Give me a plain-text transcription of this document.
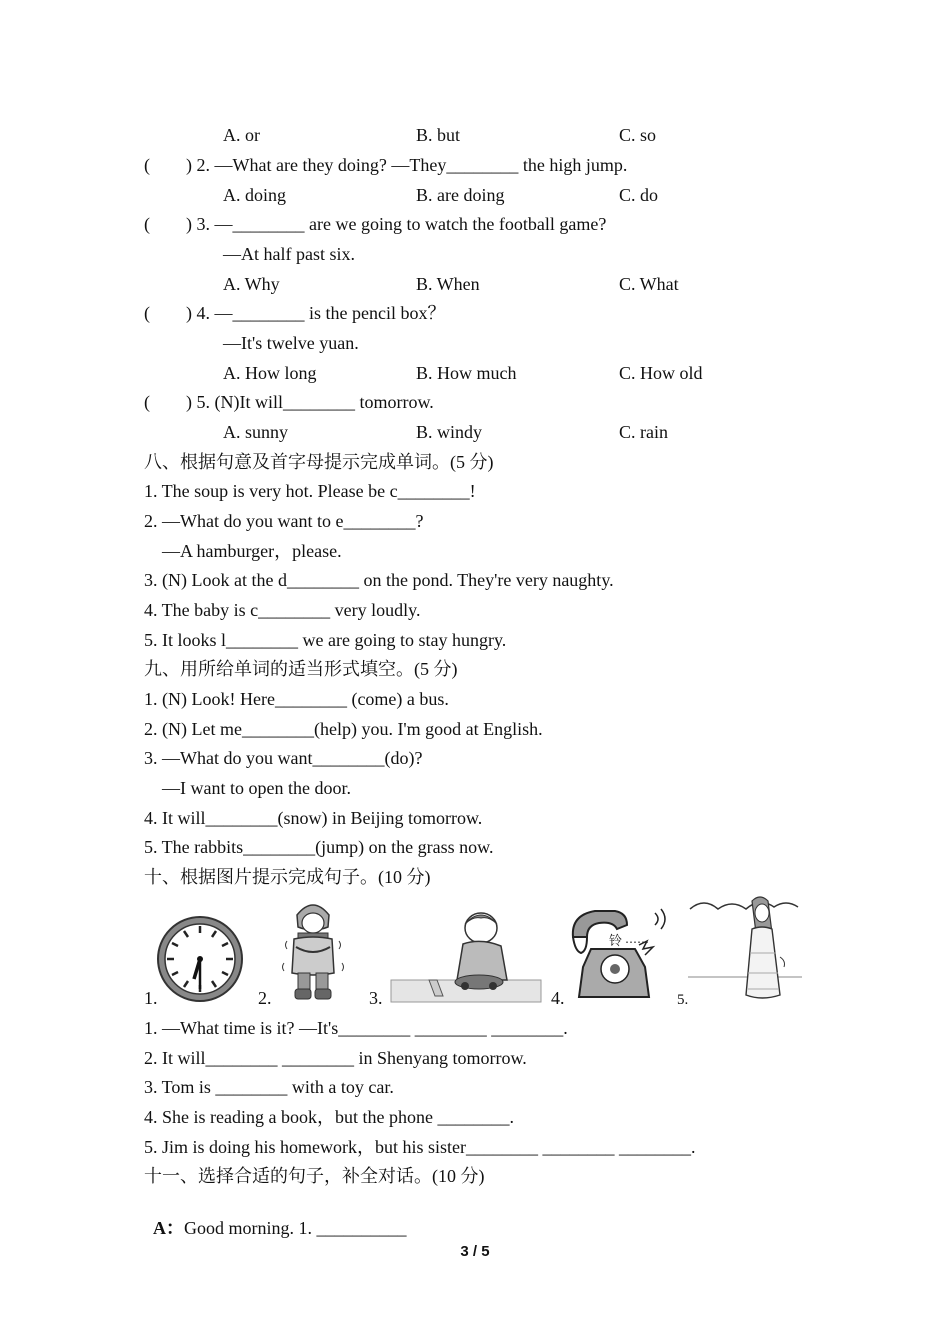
A. or	B. but	C. so
(　　) 2. —What are they doing? —They________ the high jump.
A. doing	B. are doing	C. do
(　　) 3. —________ are we going to watch the football game?
—At half past six.
A. Why	B. When	C. What
(　　) 4. —________ is the pencil box？
—It's twelve yuan.
A. How long	B. How much	C. How old
(　　) 5. (N)It will________ tomorrow.
A. sunny	B. windy	C. rain
八、根据句意及首字母提示完成单词。(5 分)
1. The soup is very hot. Please be c________!
2. —What do you want to e________?
 —A hamburger，please.
3. (N) Look at the d________ on the pond. They're very naughty.
4. The baby is c________ very loudly.
5. It looks l________ we are going to stay hungry.
九、用所给单词的适当形式填空。(5 分)
1. (N) Look! Here________ (come) a bus.
2. (N) Let me________(help) you. I'm good at English.
3. —What do you want________(do)?
 —I want to open the door.
4. It will________(snow) in Beijing tomorrow.
5. The rabbits________(jump) on the grass now.
十、根据图片提示完成句子。(10 分)
1.	2.	3.	4.
铃 ……
5.
1. —What time is it? —It's________ ________ ________.
2. It will________ ________ in Shenyang tomorrow.
3. Tom is ________ with a toy car.
4. She is reading a book，but the phone ________.
5. Jim is doing his homework，but his sister________ ________ ________.
十一、选择合适的句子，补全对话。(10 分)

A：Good morning. 1. __________

3 / 5
